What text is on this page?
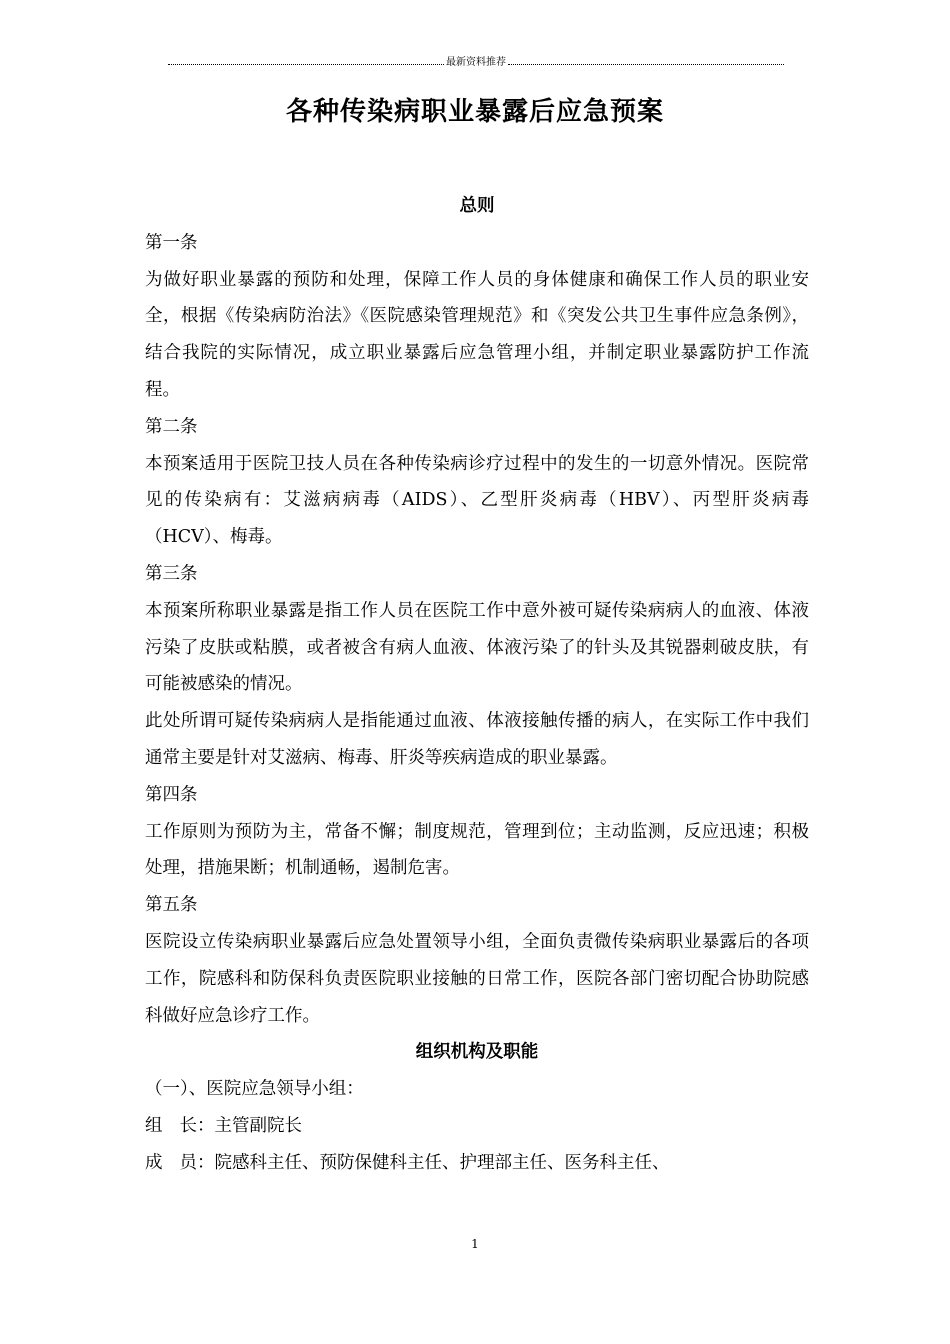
最新资料推荐
各种传染病职业暴露后应急预案

总则

第一条

为做好职业暴露的预防和处理，保障工作人员的身体健康和确保工作人员的职业安全，根据《传染病防治法》《医院感染管理规范》和《突发公共卫生事件应急条例》，结合我院的实际情况，成立职业暴露后应急管理小组，并制定职业暴露防护工作流程。

第二条

本预案适用于医院卫技人员在各种传染病诊疗过程中的发生的一切意外情况。医院常见的传染病有：艾滋病病毒（AIDS）、乙型肝炎病毒（HBV）、丙型肝炎病毒（HCV）、梅毒。

第三条

本预案所称职业暴露是指工作人员在医院工作中意外被可疑传染病病人的血液、体液污染了皮肤或粘膜，或者被含有病人血液、体液污染了的针头及其锐器刺破皮肤，有可能被感染的情况。

此处所谓可疑传染病病人是指能通过血液、体液接触传播的病人，在实际工作中我们通常主要是针对艾滋病、梅毒、肝炎等疾病造成的职业暴露。

第四条

工作原则为预防为主，常备不懈；制度规范，管理到位；主动监测，反应迅速；积极处理，措施果断；机制通畅，遏制危害。

第五条

医院设立传染病职业暴露后应急处置领导小组，全面负责微传染病职业暴露后的各项工作，院感科和防保科负责医院职业接触的日常工作，医院各部门密切配合协助院感科做好应急诊疗工作。

组织机构及职能

（一）、医院应急领导小组：

组 长：主管副院长

成 员：院感科主任、预防保健科主任、护理部主任、医务科主任、

1
